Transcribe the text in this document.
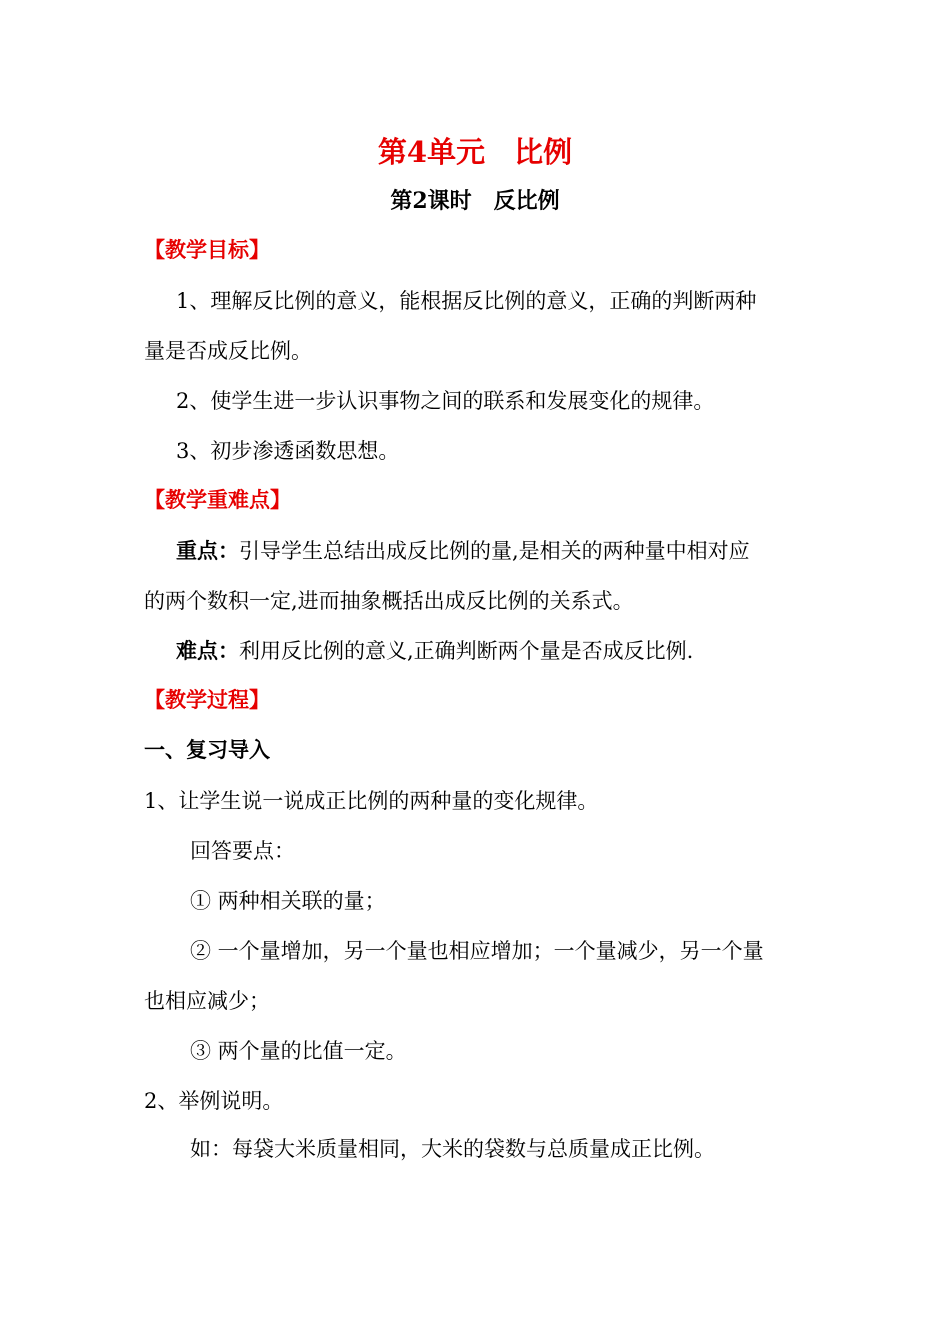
第4单元　比例
第2课时　反比例
【教学目标】
1、理解反比例的意义，能根据反比例的意义，正确的判断两种
量是否成反比例。
2、使学生进一步认识事物之间的联系和发展变化的规律。
3、初步渗透函数思想。
【教学重难点】
重点：引导学生总结出成反比例的量,是相关的两种量中相对应
的两个数积一定,进而抽象概括出成反比例的关系式。
难点：利用反比例的意义,正确判断两个量是否成反比例.
【教学过程】
一、复习导入
1、让学生说一说成正比例的两种量的变化规律。
回答要点：
① 两种相关联的量；
② 一个量增加，另一个量也相应增加；一个量减少，另一个量
也相应减少；
③ 两个量的比值一定。
2、举例说明。
如：每袋大米质量相同，大米的袋数与总质量成正比例。
